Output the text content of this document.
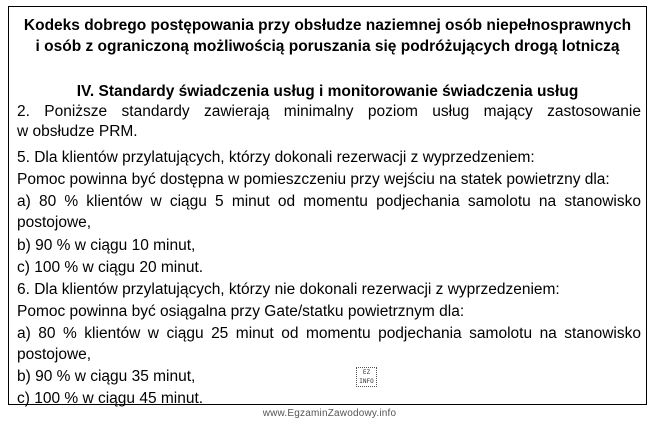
Kodeks dobrego postępowania przy obsłudze naziemnej osób niepełnosprawnych
i osób z ograniczoną możliwością poruszania się podróżujących drogą lotniczą
IV. Standardy świadczenia usług i monitorowanie świadczenia usług
2. Poniższe standardy zawierają minimalny poziom usług mający zastosowanie
w obsłudze PRM.
5. Dla klientów przylatujących, którzy dokonali rezerwacji z wyprzedzeniem:
Pomoc powinna być dostępna w pomieszczeniu przy wejściu na statek powietrzny dla:
a) 80 % klientów w ciągu 5 minut od momentu podjechania samolotu na stanowisko
postojowe,
b) 90 % w ciągu 10 minut,
c) 100 % w ciągu 20 minut.
6. Dla klientów przylatujących, którzy nie dokonali rezerwacji z wyprzedzeniem:
Pomoc powinna być osiągalna przy Gate/statku powietrznym dla:
a) 80 % klientów w ciągu 25 minut od momentu podjechania samolotu na stanowisko
postojowe,
b) 90 % w ciągu 35 minut,
c) 100 % w ciągu 45 minut.
EZ
INFO
www.EgzaminZawodowy.info
